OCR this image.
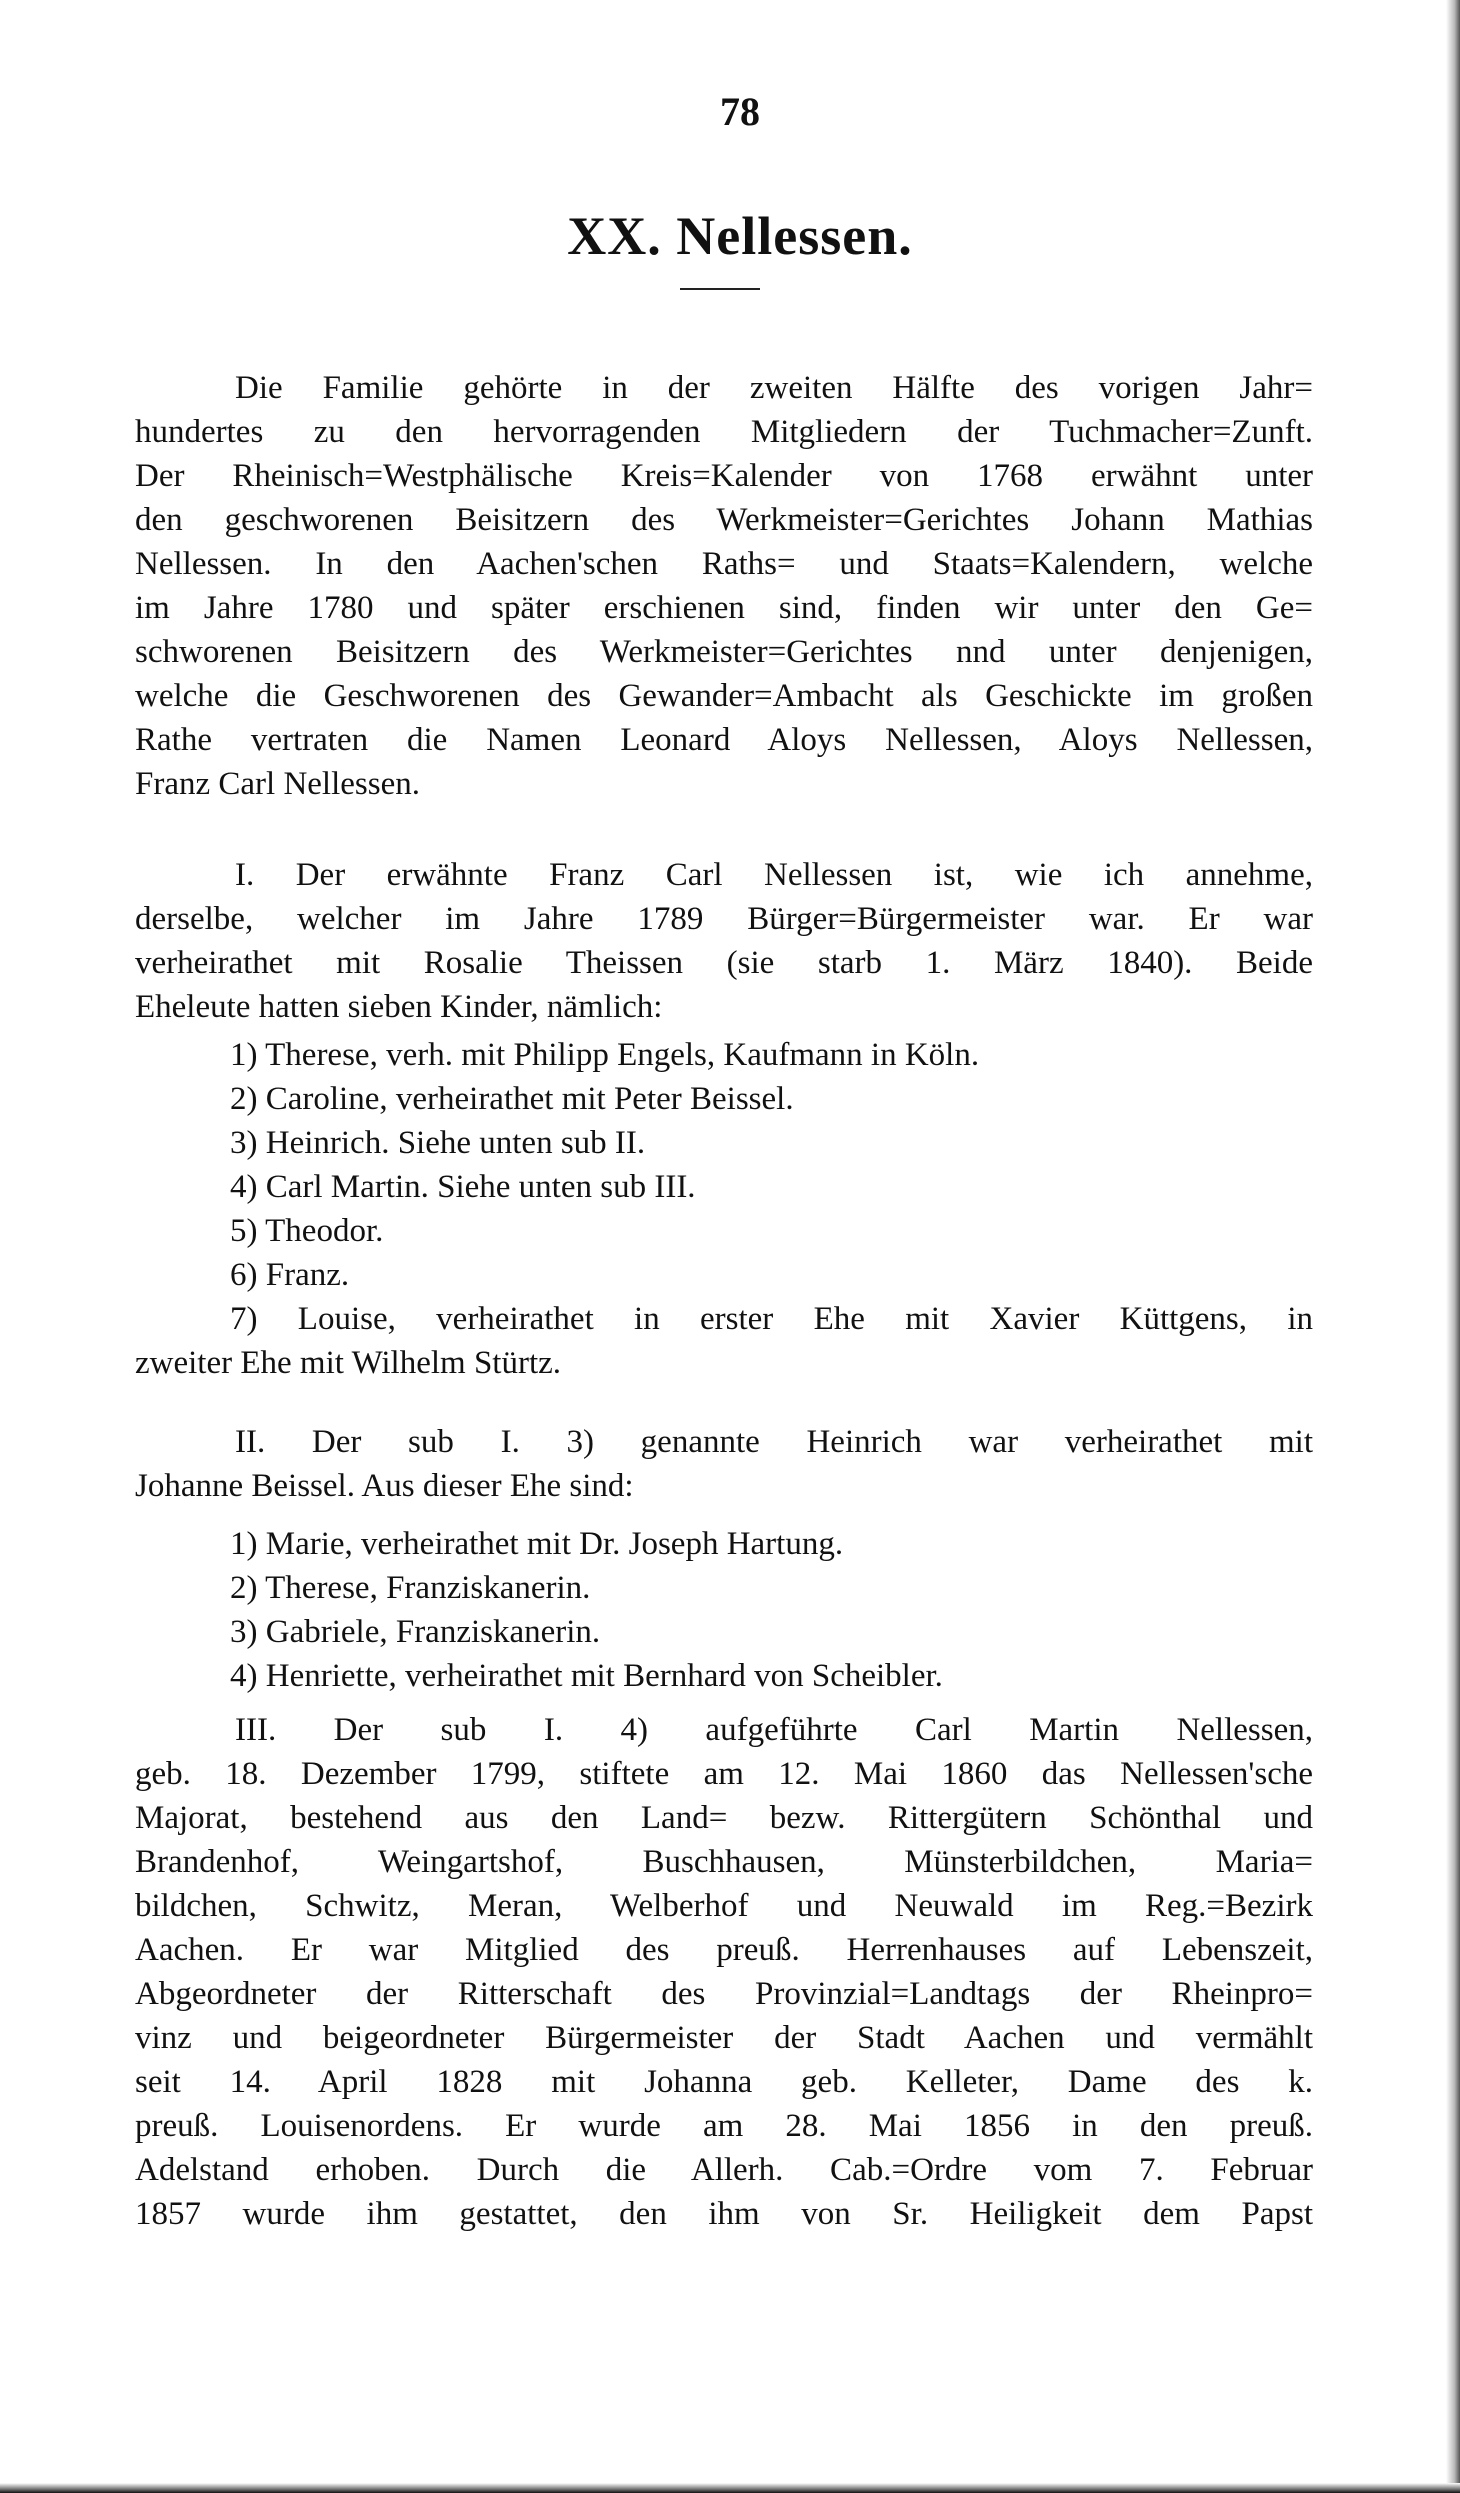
78
XX. Nellessen.
Die Familie gehörte in der zweiten Hälfte des vorigen Jahr=
hundertes zu den hervorragenden Mitgliedern der Tuchmacher=Zunft.
Der Rheinisch=Westphälische Kreis=Kalender von 1768 erwähnt unter
den geschworenen Beisitzern des Werkmeister=Gerichtes Johann Mathias
Nellessen. In den Aachen'schen Raths= und Staats=Kalendern, welche
im Jahre 1780 und später erschienen sind, finden wir unter den Ge=
schworenen Beisitzern des Werkmeister=Gerichtes nnd unter denjenigen,
welche die Geschworenen des Gewander=Ambacht als Geschickte im großen
Rathe vertraten die Namen Leonard Aloys Nellessen, Aloys Nellessen,
Franz Carl Nellessen.
I. Der erwähnte Franz Carl Nellessen ist, wie ich annehme,
derselbe, welcher im Jahre 1789 Bürger=Bürgermeister war. Er war
verheirathet mit Rosalie Theissen (sie starb 1. März 1840). Beide
Eheleute hatten sieben Kinder, nämlich:
1) Therese, verh. mit Philipp Engels, Kaufmann in Köln.
2) Caroline, verheirathet mit Peter Beissel.
3) Heinrich. Siehe unten sub II.
4) Carl Martin. Siehe unten sub III.
5) Theodor.
6) Franz.
7) Louise, verheirathet in erster Ehe mit Xavier Küttgens, in
zweiter Ehe mit Wilhelm Stürtz.
II. Der sub I. 3) genannte Heinrich war verheirathet mit
Johanne Beissel. Aus dieser Ehe sind:
1) Marie, verheirathet mit Dr. Joseph Hartung.
2) Therese, Franziskanerin.
3) Gabriele, Franziskanerin.
4) Henriette, verheirathet mit Bernhard von Scheibler.
III. Der sub I. 4) aufgeführte Carl Martin Nellessen,
geb. 18. Dezember 1799, stiftete am 12. Mai 1860 das Nellessen'sche
Majorat, bestehend aus den Land= bezw. Rittergütern Schönthal und
Brandenhof, Weingartshof, Buschhausen, Münsterbildchen, Maria=
bildchen, Schwitz, Meran, Welberhof und Neuwald im Reg.=Bezirk
Aachen. Er war Mitglied des preuß. Herrenhauses auf Lebenszeit,
Abgeordneter der Ritterschaft des Provinzial=Landtags der Rheinpro=
vinz und beigeordneter Bürgermeister der Stadt Aachen und vermählt
seit 14. April 1828 mit Johanna geb. Kelleter, Dame des k.
preuß. Louisenordens. Er wurde am 28. Mai 1856 in den preuß.
Adelstand erhoben. Durch die Allerh. Cab.=Ordre vom 7. Februar
1857 wurde ihm gestattet, den ihm von Sr. Heiligkeit dem Papst
